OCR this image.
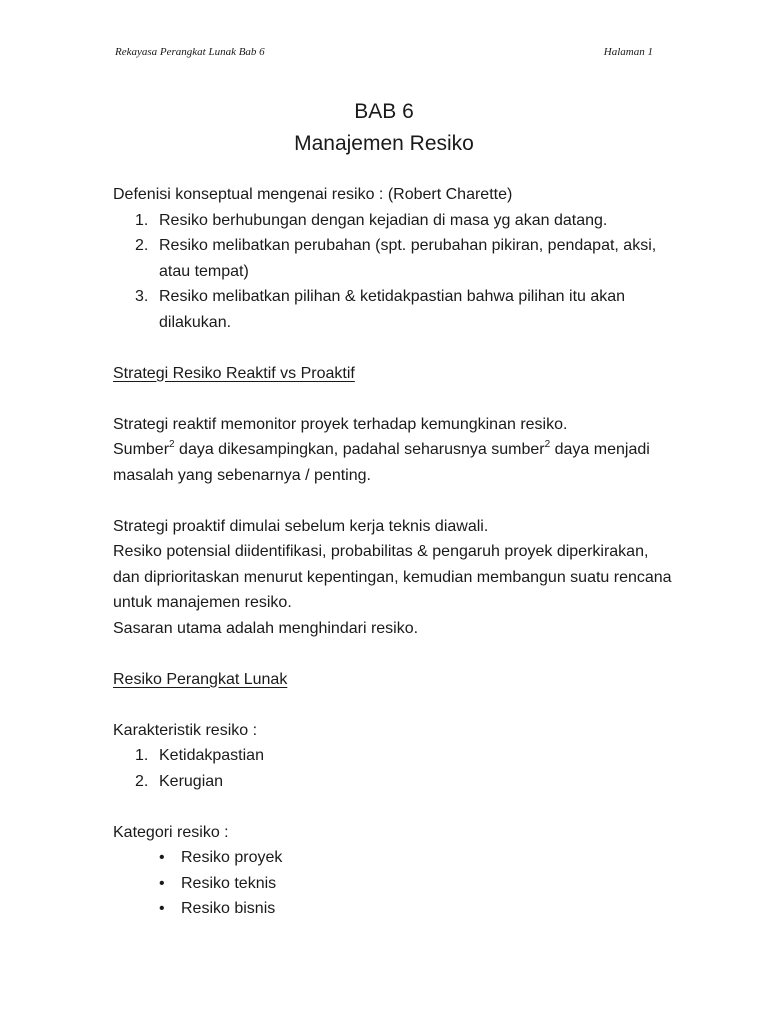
Rekayasa Perangkat Lunak Bab 6	Halaman 1
BAB 6
Manajemen Resiko

Defenisi konseptual mengenai resiko : (Robert Charette)

1. Resiko berhubungan dengan kejadian di masa yg akan datang.
2. Resiko melibatkan perubahan (spt. perubahan pikiran, pendapat, aksi, atau tempat)
3. Resiko melibatkan pilihan & ketidakpastian bahwa pilihan itu akan dilakukan.

Strategi Resiko Reaktif vs Proaktif

Strategi reaktif memonitor proyek terhadap kemungkinan resiko.
Sumber$^2$ daya dikesampingkan, padahal seharusnya sumber$^2$ daya menjadi masalah yang sebenarnya / penting.

Strategi proaktif dimulai sebelum kerja teknis diawali.

Resiko potensial diidentifikasi, probabilitas & pengaruh proyek diperkirakan, dan diprioritaskan menurut kepentingan, kemudian membangun suatu rencana untuk manajemen resiko.

Sasaran utama adalah menghindari resiko.

Resiko Perangkat Lunak

Karakteristik resiko :

1. Ketidakpastian
2. Kerugian

Kategori resiko :

• Resiko proyek
• Resiko teknis
• Resiko bisnis
